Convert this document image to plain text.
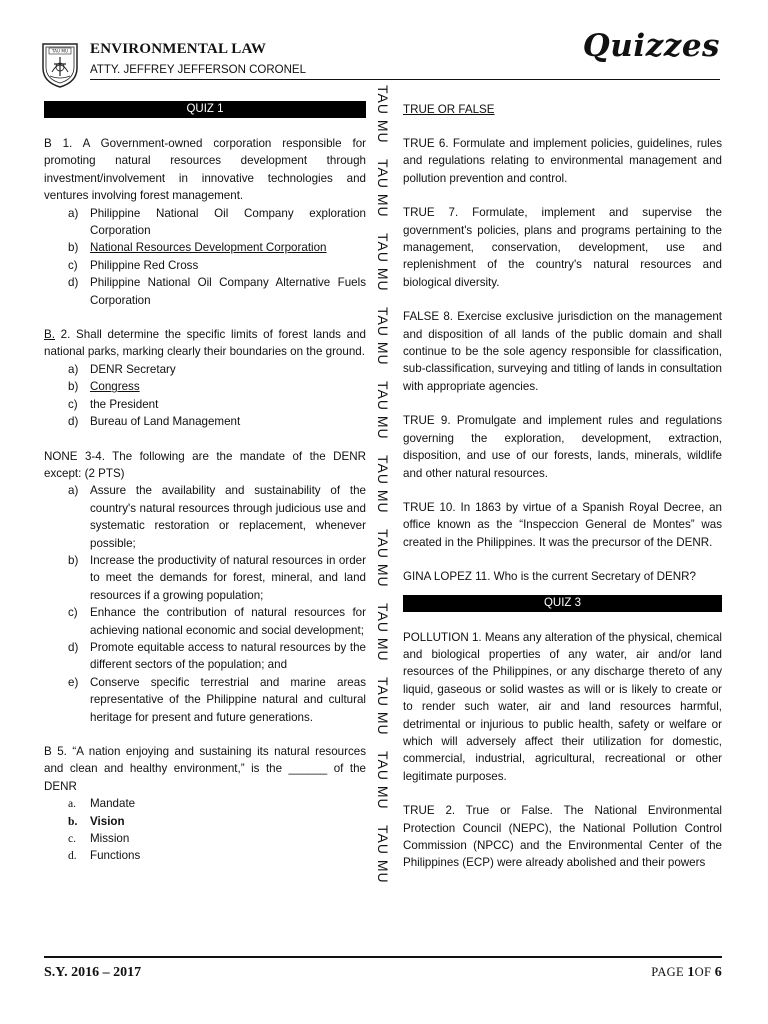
TAU MU ENVIRONMENTAL LAW
ATTY. JEFFREY JEFFERSON CORONEL
Quizzes
TAU MU
TAU MU
TAU MU
TAU MU
TAU MU
TAU MU
TAU MU
TAU MU
TAU MU
TAU MU
TAU MU
QUIZ 1

B 1. A Government-owned corporation responsible for promoting natural resources development through investment/involvement in innovative technologies and ventures involving forest management.

a) Philippine National Oil Company exploration Corporation
b) National Resources Development Corporation
c) Philippine Red Cross
d) Philippine National Oil Company Alternative Fuels Corporation

B. 2. Shall determine the specific limits of forest lands and national parks, marking clearly their boundaries on the ground.

a) DENR Secretary
b) Congress
c) the President
d) Bureau of Land Management

NONE 3-4. The following are the mandate of the DENR except: (2 PTS)

a) Assure the availability and sustainability of the country's natural resources through judicious use and systematic restoration or replacement, whenever possible;
b) Increase the productivity of natural resources in order to meet the demands for forest, mineral, and land resources if a growing population;
c) Enhance the contribution of natural resources for achieving national economic and social development;
d) Promote equitable access to natural resources by the different sectors of the population; and
e) Conserve specific terrestrial and marine areas representative of the Philippine natural and cultural heritage for present and future generations.

B 5. “A nation enjoying and sustaining its natural resources and clean and healthy environment,” is the ______ of the DENR

a. Mandate
b. Vision
c. Mission
d. Functions
TRUE OR FALSE

TRUE 6. Formulate and implement policies, guidelines, rules and regulations relating to environmental management and pollution prevention and control.

TRUE 7. Formulate, implement and supervise the government's policies, plans and programs pertaining to the management, conservation, development, use and replenishment of the country's natural resources and biological diversity.

FALSE 8. Exercise exclusive jurisdiction on the management and disposition of all lands of the public domain and shall continue to be the sole agency responsible for classification, sub-classification, surveying and titling of lands in consultation with appropriate agencies.

TRUE 9. Promulgate and implement rules and regulations governing the exploration, development, extraction, disposition, and use of our forests, lands, minerals, wildlife and other natural resources.

TRUE 10. In 1863 by virtue of a Spanish Royal Decree, an office known as the “Inspeccion General de Montes” was created in the Philippines. It was the precursor of the DENR.

GINA LOPEZ 11. Who is the current Secretary of DENR?

QUIZ 3

POLLUTION 1. Means any alteration of the physical, chemical and biological properties of any water, air and/or land resources of the Philippines, or any discharge thereto of any liquid, gaseous or solid wastes as will or is likely to create or to render such water, air and land resources harmful, detrimental or injurious to public health, safety or welfare or which will adversely affect their utilization for domestic, commercial, industrial, agricultural, recreational or other legitimate purposes.

TRUE 2. True or False. The National Environmental Protection Council (NEPC), the National Pollution Control Commission (NPCC) and the Environmental Center of the Philippines (ECP) were already abolished and their powers

S.Y. 2016 – 2017	PAGE 1OF 6
